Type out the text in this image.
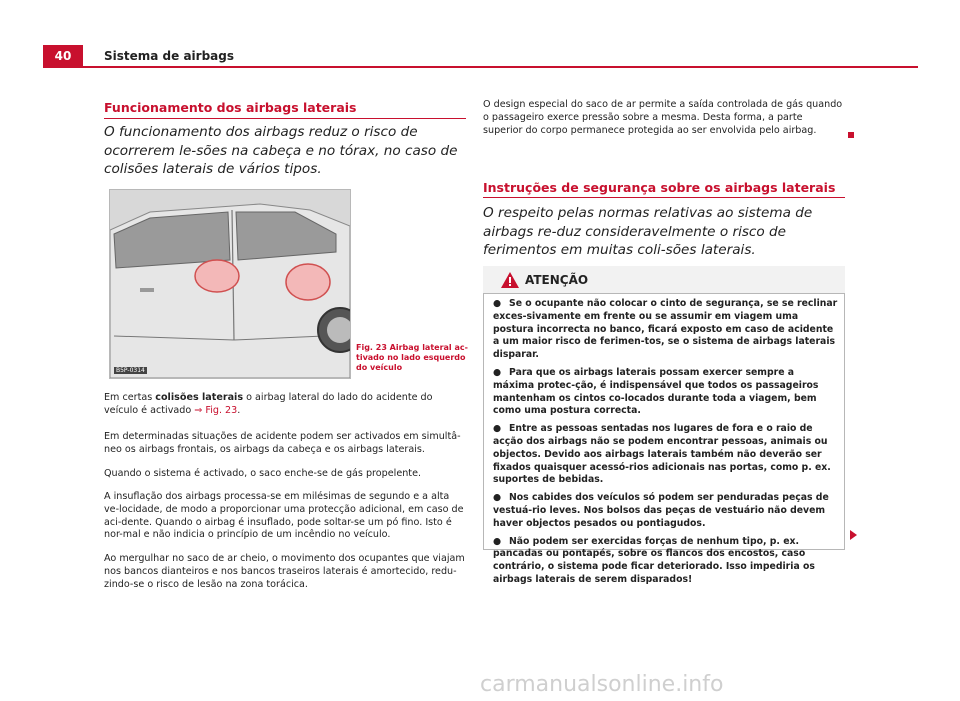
40	Sistema de airbags
Funcionamento dos airbags laterais
O funcionamento dos airbags reduz o risco de ocorrerem le-sões na cabeça e no tórax, no caso de colisões laterais de vários tipos.
B5P-0314
Fig. 23 Airbag lateral ac-tivado no lado esquerdo do veículo
Em certas colisões laterais o airbag lateral do lado do acidente do veículo é activado ⇒ Fig. 23.
Em determinadas situações de acidente podem ser activados em simultâ-neo os airbags frontais, os airbags da cabeça e os airbags laterais.
Quando o sistema é activado, o saco enche-se de gás propelente.
A insuflação dos airbags processa-se em milésimas de segundo e a alta ve-locidade, de modo a proporcionar uma protecção adicional, em caso de aci-dente. Quando o airbag é insuflado, pode soltar-se um pó fino. Isto é nor-mal e não indicia o princípio de um incêndio no veículo.
Ao mergulhar no saco de ar cheio, o movimento dos ocupantes que viajam nos bancos dianteiros e nos bancos traseiros laterais é amortecido, redu-zindo-se o risco de lesão na zona torácica.
O design especial do saco de ar permite a saída controlada de gás quando o passageiro exerce pressão sobre a mesma. Desta forma, a parte superior do corpo permanece protegida ao ser envolvida pelo airbag.
Instruções de segurança sobre os airbags laterais
O respeito pelas normas relativas ao sistema de airbags re-duz consideravelmente o risco de ferimentos em muitas coli-sões laterais.
ATENÇÃO
● Se o ocupante não colocar o cinto de segurança, se se reclinar exces-sivamente em frente ou se assumir em viagem uma postura incorrecta no banco, ficará exposto em caso de acidente a um maior risco de ferimen-tos, se o sistema de airbags laterais disparar.
● Para que os airbags laterais possam exercer sempre a máxima protec-ção, é indispensável que todos os passageiros mantenham os cintos co-locados durante toda a viagem, bem como uma postura correcta.
● Entre as pessoas sentadas nos lugares de fora e o raio de acção dos airbags não se podem encontrar pessoas, animais ou objectos. Devido aos airbags laterais também não deverão ser fixados quaisquer acessó-rios adicionais nas portas, como p. ex. suportes de bebidas.
● Nos cabides dos veículos só podem ser penduradas peças de vestuá-rio leves. Nos bolsos das peças de vestuário não devem haver objectos pesados ou pontiagudos.
● Não podem ser exercidas forças de nenhum tipo, p. ex. pancadas ou pontapés, sobre os flancos dos encostos, caso contrário, o sistema pode ficar deteriorado. Isso impediria os airbags laterais de serem disparados!
carmanualsonline.info
